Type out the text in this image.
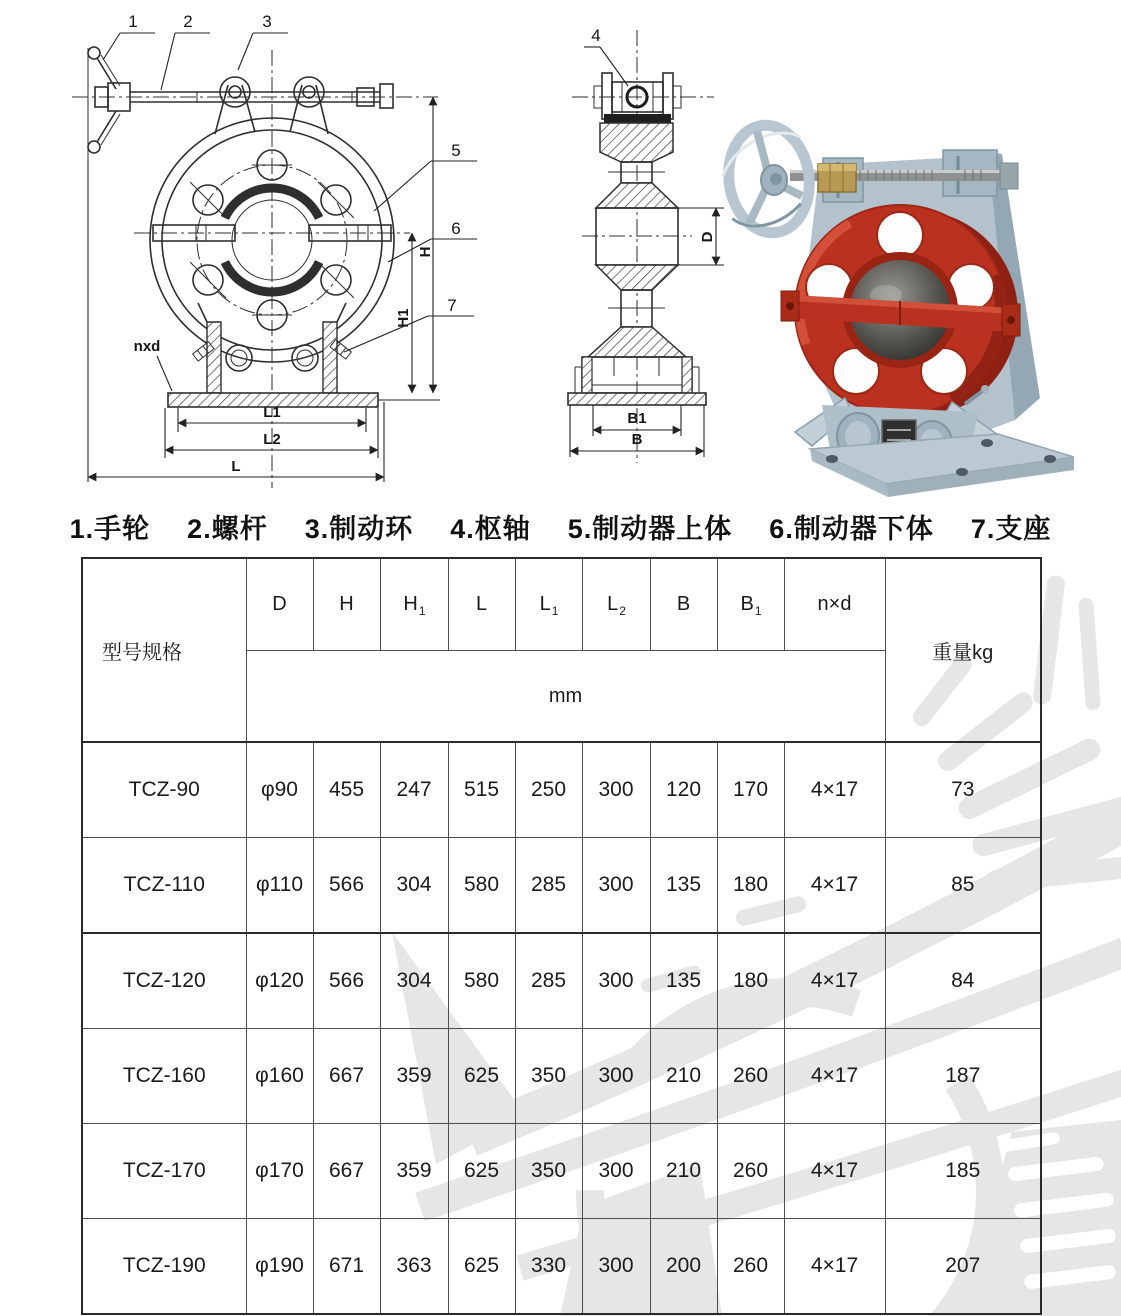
L1
L2
L
H
H1
nxd
1	2	3
5
6
7
D
B1
B
4
1.手轮 2.螺杆 3.制动环 4.枢轴 5.制动器上体 6.制动器下体 7.支座
型号规格	D	H	$H_1$	L	$L_1$	$L_2$	B	$B_1$	n×d	重量kg
	mm									
TCZ-90	φ90	455	247	515	250	300	120	170	4×17	73
TCZ-110	φ110	566	304	580	285	300	135	180	4×17	85
TCZ-120	φ120	566	304	580	285	300	135	180	4×17	84
TCZ-160	φ160	667	359	625	350	300	210	260	4×17	187
TCZ-170	φ170	667	359	625	350	300	210	260	4×17	185
TCZ-190	φ190	671	363	625	330	300	200	260	4×17	207
